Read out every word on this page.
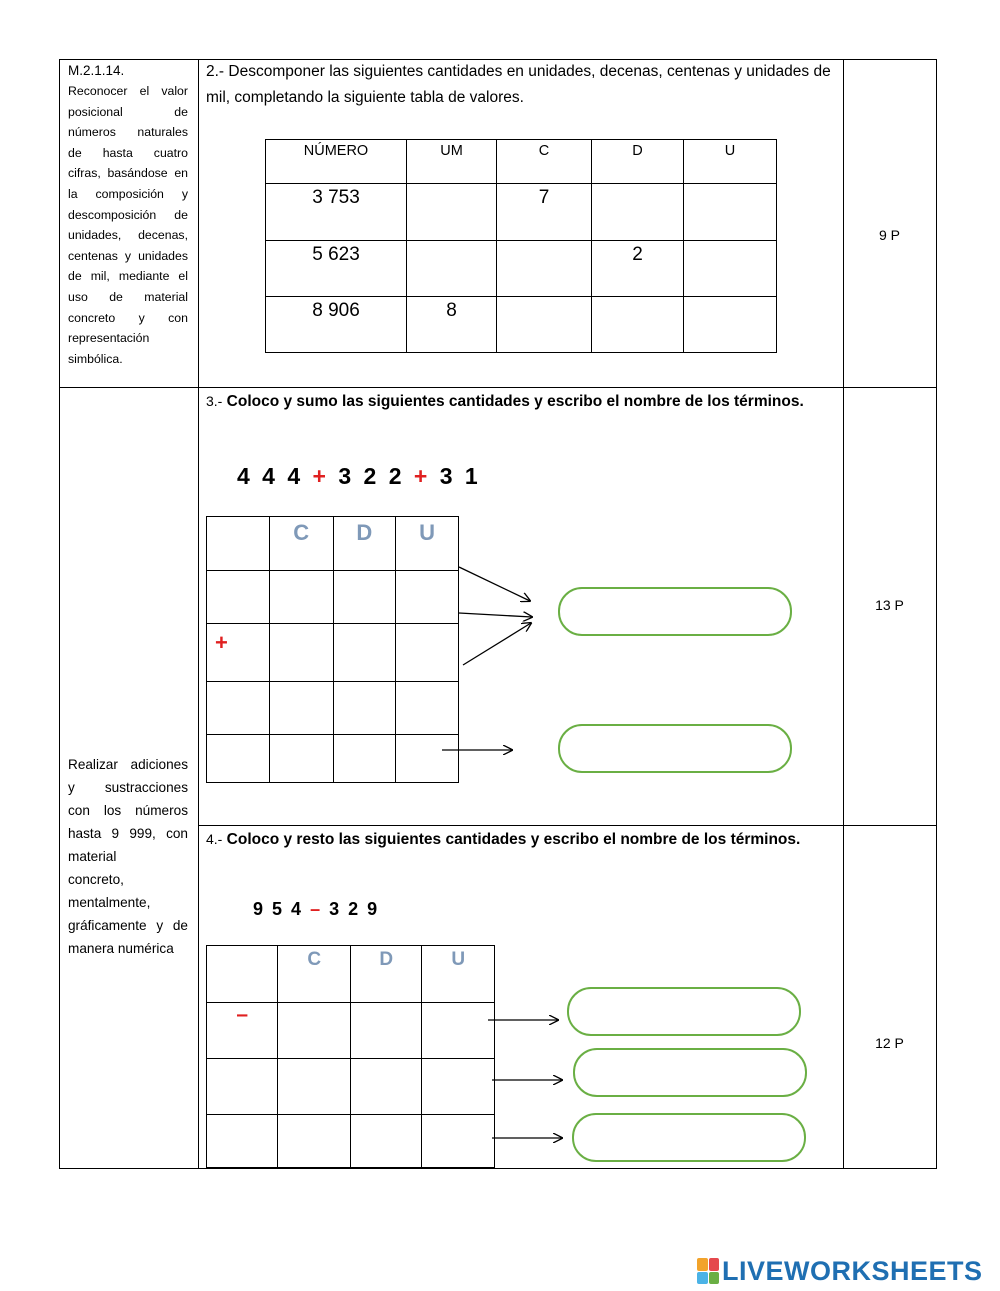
M.2.1.14.
Reconocer el valor
posicional de
números naturales
de hasta cuatro
cifras, basándose en
la composición y
descomposición de
unidades, decenas,
centenas y unidades
de mil, mediante el
uso de material
concreto y con
representación
simbólica.
2.- Descomponer las siguientes cantidades en unidades, decenas, centenas y unidades de mil, completando la siguiente tabla de valores.
NÚMERO	UM	C	D	U
3 753		7		
5 623			2	
8 906	8			
9 P
3.- Coloco y sumo las siguientes cantidades y escribo el nombre de los términos.
4 4 4 + 3 2 2 + 3 1
	C	D	U

+			

13 P
Realizar adiciones
y sustracciones
con los números
hasta 9 999, con
material
concreto,
mentalmente,
gráficamente y de
manera numérica
4.- Coloco y resto las siguientes cantidades y escribo el nombre de los términos.
9 5 4 – 3 2 9
	C	D	U
–			

12 P
LIVEWORKSHEETS
